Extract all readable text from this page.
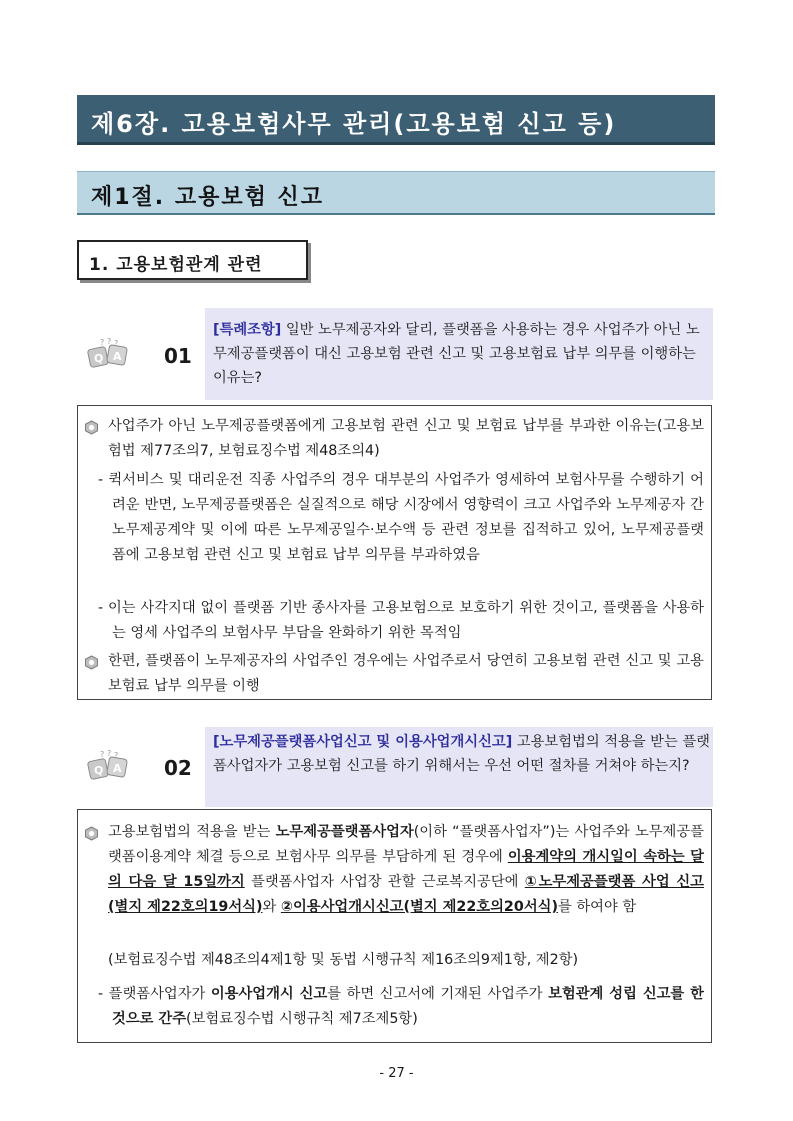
제6장. 고용보험사무 관리(고용보험 신고 등)
제1절. 고용보험 신고
1. 고용보험관계 관련
01
[특례조항] 일반 노무제공자와 달리, 플랫폼을 사용하는 경우 사업주가 아닌 노무제공플랫폼이 대신 고용보험 관련 신고 및 고용보험료 납부 의무를 이행하는 이유는?
사업주가 아닌 노무제공플랫폼에게 고용보험 관련 신고 및 보험료 납부를 부과한 이유는(고용보험법 제77조의7, 보험료징수법 제48조의4)
- 퀵서비스 및 대리운전 직종 사업주의 경우 대부분의 사업주가 영세하여 보험사무를 수행하기 어려운 반면, 노무제공플랫폼은 실질적으로 해당 시장에서 영향력이 크고 사업주와 노무제공자 간 노무제공계약 및 이에 따른 노무제공일수·보수액 등 관련 정보를 집적하고 있어, 노무제공플랫폼에 고용보험 관련 신고 및 보험료 납부 의무를 부과하였음
- 이는 사각지대 없이 플랫폼 기반 종사자를 고용보험으로 보호하기 위한 것이고, 플랫폼을 사용하는 영세 사업주의 보험사무 부담을 완화하기 위한 목적임
한편, 플랫폼이 노무제공자의 사업주인 경우에는 사업주로서 당연히 고용보험 관련 신고 및 고용보험료 납부 의무를 이행
02
[노무제공플랫폼사업신고 및 이용사업개시신고] 고용보험법의 적용을 받는 플랫폼사업자가 고용보험 신고를 하기 위해서는 우선 어떤 절차를 거쳐야 하는지?
고용보험법의 적용을 받는 노무제공플랫폼사업자(이하 “플랫폼사업자”)는 사업주와 노무제공플랫폼이용계약 체결 등으로 보험사무 의무를 부담하게 된 경우에 이용계약의 개시일이 속하는 달의 다음 달 15일까지 플랫폼사업자 사업장 관할 근로복지공단에 ①노무제공플랫폼 사업 신고(별지 제22호의19서식)와 ②이용사업개시신고(별지 제22호의20서식)를 하여야 함
(보험료징수법 제48조의4제1항 및 동법 시행규칙 제16조의9제1항, 제2항)
- 플랫폼사업자가 이용사업개시 신고를 하면 신고서에 기재된 사업주가 보험관계 성립 신고를 한 것으로 간주(보험료징수법 시행규칙 제7조제5항)
- 27 -
